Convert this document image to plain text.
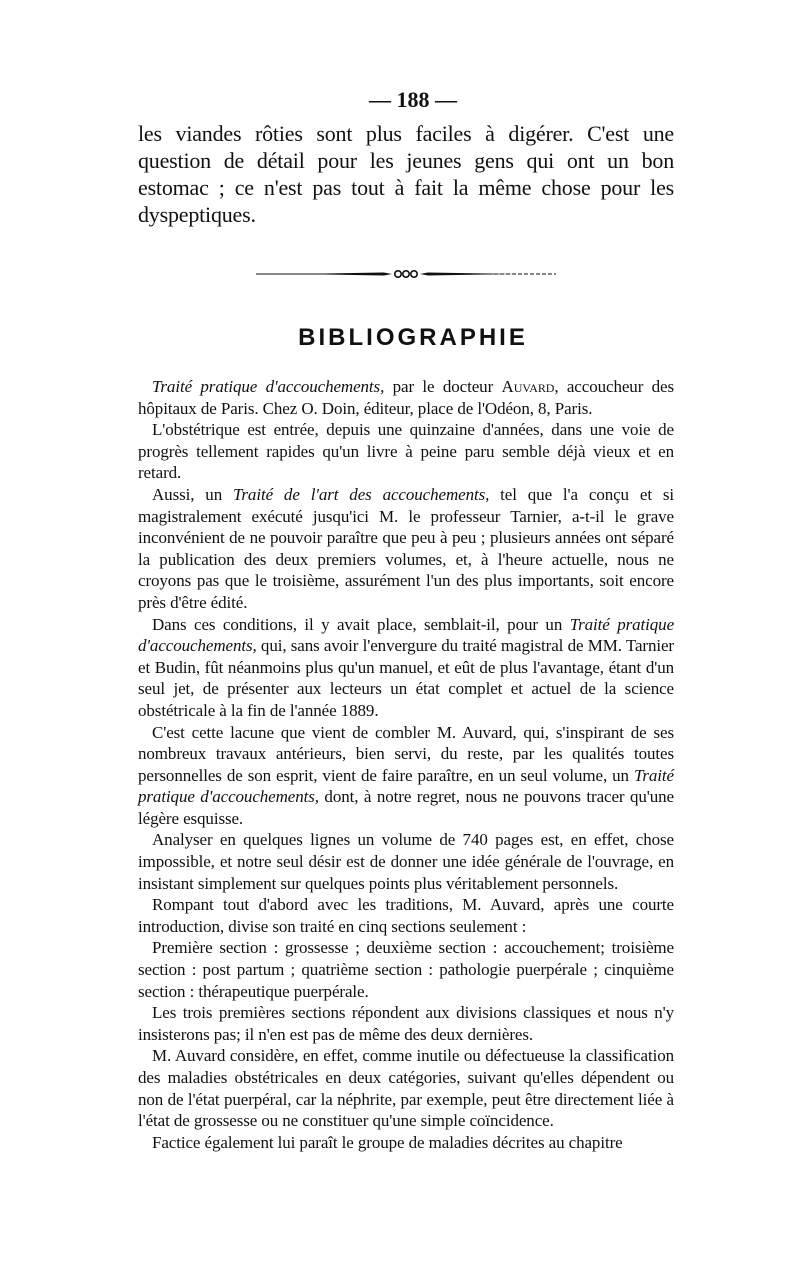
— 188 —

les viandes rôties sont plus faciles à digérer. C'est une question de détail pour les jeunes gens qui ont un bon estomac ; ce n'est pas tout à fait la même chose pour les dyspeptiques.

BIBLIOGRAPHIE

Traité pratique d'accouchements, par le docteur Auvard, accoucheur des hôpitaux de Paris. Chez O. Doin, éditeur, place de l'Odéon, 8, Paris.

L'obstétrique est entrée, depuis une quinzaine d'années, dans une voie de progrès tellement rapides qu'un livre à peine paru semble déjà vieux et en retard.

Aussi, un Traité de l'art des accouchements, tel que l'a conçu et si magistralement exécuté jusqu'ici M. le professeur Tarnier, a-t-il le grave inconvénient de ne pouvoir paraître que peu à peu ; plusieurs années ont séparé la publication des deux premiers volumes, et, à l'heure actuelle, nous ne croyons pas que le troisième, assurément l'un des plus importants, soit encore près d'être édité.

Dans ces conditions, il y avait place, semblait-il, pour un Traité pratique d'accouchements, qui, sans avoir l'envergure du traité magistral de MM. Tarnier et Budin, fût néanmoins plus qu'un manuel, et eût de plus l'avantage, étant d'un seul jet, de présenter aux lecteurs un état complet et actuel de la science obstétricale à la fin de l'année 1889.

C'est cette lacune que vient de combler M. Auvard, qui, s'inspirant de ses nombreux travaux antérieurs, bien servi, du reste, par les qualités toutes personnelles de son esprit, vient de faire paraître, en un seul volume, un Traité pratique d'accouchements, dont, à notre regret, nous ne pouvons tracer qu'une légère esquisse.

Analyser en quelques lignes un volume de 740 pages est, en effet, chose impossible, et notre seul désir est de donner une idée générale de l'ouvrage, en insistant simplement sur quelques points plus véritablement personnels.

Rompant tout d'abord avec les traditions, M. Auvard, après une courte introduction, divise son traité en cinq sections seulement :

Première section : grossesse ; deuxième section : accouchement; troisième section : post partum ; quatrième section : pathologie puerpérale ; cinquième section : thérapeutique puerpérale.

Les trois premières sections répondent aux divisions classiques et nous n'y insisterons pas; il n'en est pas de même des deux dernières.

M. Auvard considère, en effet, comme inutile ou défectueuse la classification des maladies obstétricales en deux catégories, suivant qu'elles dépendent ou non de l'état puerpéral, car la néphrite, par exemple, peut être directement liée à l'état de grossesse ou ne constituer qu'une simple coïncidence.

Factice également lui paraît le groupe de maladies décrites au chapitre
